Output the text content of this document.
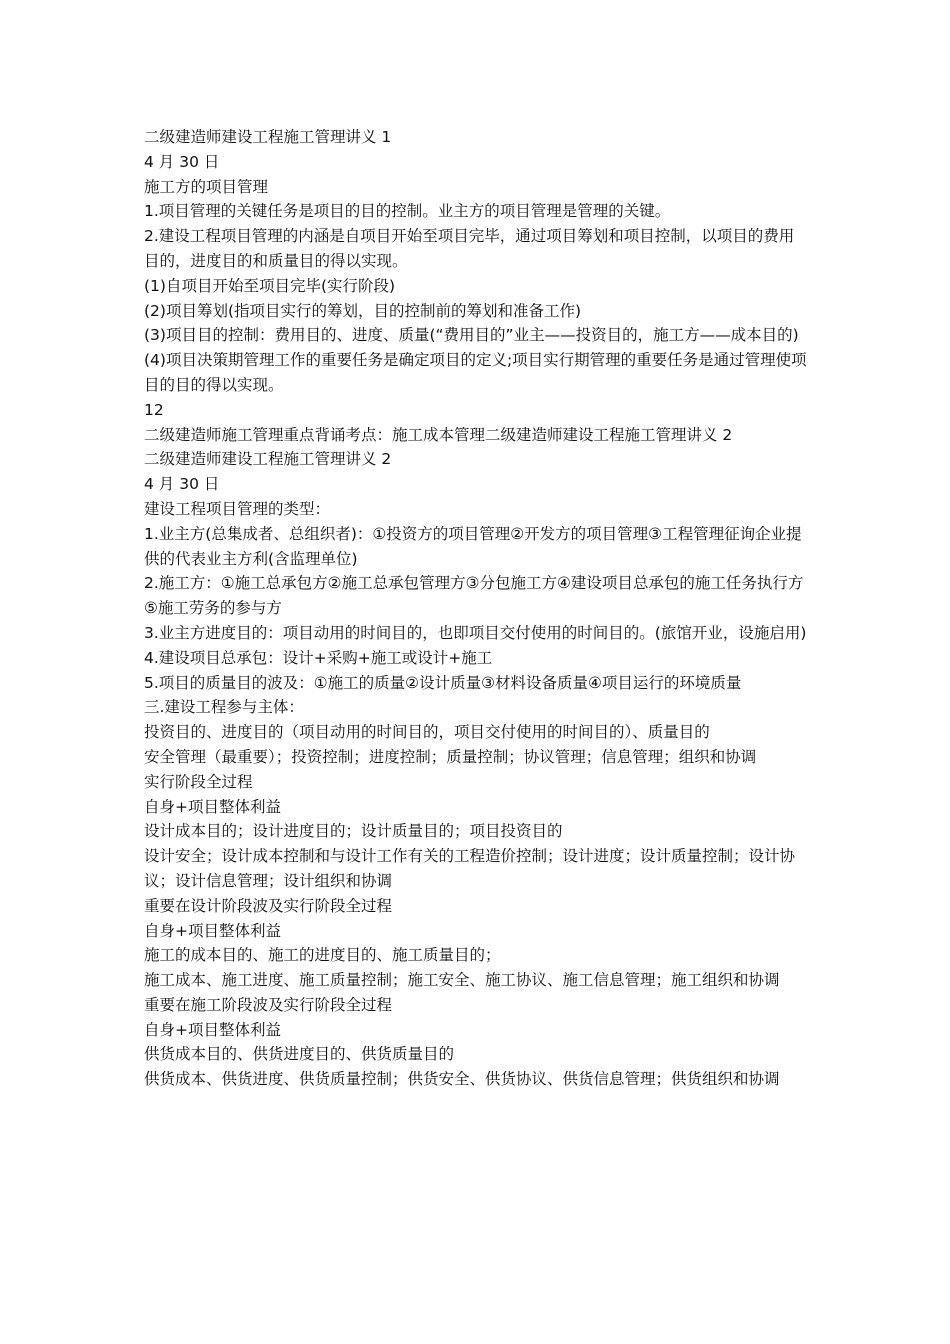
二级建造师建设工程施工管理讲义 1
4 月 30 日
施工方的项目管理
1.项目管理的关键任务是项目的目的控制。业主方的项目管理是管理的关键。
2.建设工程项目管理的内涵是自项目开始至项目完毕，通过项目筹划和项目控制，以项目的费用目的，进度目的和质量目的得以实现。
(1)自项目开始至项目完毕(实行阶段)
(2)项目筹划(指项目实行的筹划，目的控制前的筹划和准备工作)
(3)项目目的控制：费用目的、进度、质量(“费用目的”业主——投资目的，施工方——成本目的)
(4)项目决策期管理工作的重要任务是确定项目的定义;项目实行期管理的重要任务是通过管理使项目的目的得以实现。
12
二级建造师施工管理重点背诵考点：施工成本管理二级建造师建设工程施工管理讲义 2
二级建造师建设工程施工管理讲义 2
4 月 30 日
建设工程项目管理的类型：
1.业主方(总集成者、总组织者)：①投资方的项目管理②开发方的项目管理③工程管理征询企业提供的代表业主方利(含监理单位)
2.施工方：①施工总承包方②施工总承包管理方③分包施工方④建设项目总承包的施工任务执行方⑤施工劳务的参与方
3.业主方进度目的：项目动用的时间目的，也即项目交付使用的时间目的。(旅馆开业，设施启用)
4.建设项目总承包：设计+采购+施工或设计+施工
5.项目的质量目的波及：①施工的质量②设计质量③材料设备质量④项目运行的环境质量
三.建设工程参与主体：
投资目的、进度目的（项目动用的时间目的，项目交付使用的时间目的）、质量目的
安全管理（最重要）；投资控制；进度控制；质量控制；协议管理；信息管理；组织和协调
实行阶段全过程
自身+项目整体利益
设计成本目的；设计进度目的；设计质量目的；项目投资目的
设计安全；设计成本控制和与设计工作有关的工程造价控制；设计进度；设计质量控制；设计协议；设计信息管理；设计组织和协调
重要在设计阶段波及实行阶段全过程
自身+项目整体利益
施工的成本目的、施工的进度目的、施工质量目的；
施工成本、施工进度、施工质量控制；施工安全、施工协议、施工信息管理；施工组织和协调
重要在施工阶段波及实行阶段全过程
自身+项目整体利益
供货成本目的、供货进度目的、供货质量目的
供货成本、供货进度、供货质量控制；供货安全、供货协议、供货信息管理；供货组织和协调
